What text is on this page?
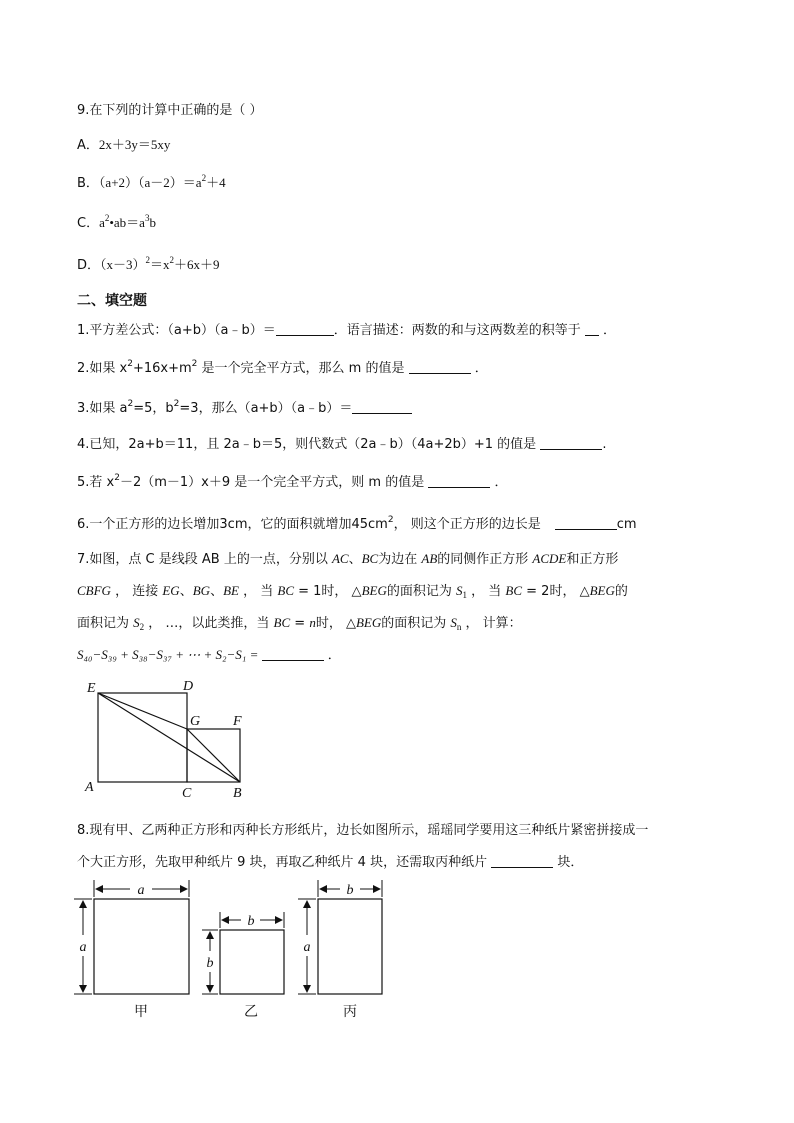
9.在下列的计算中正确的是（ ）
A．2x＋3y＝5xy
B．$(a+2)(a-2)=a^2+4$
C．$a^2•ab=a^3b$
D．$(x-3)^2=x^2+6x+9$
二、填空题
1.平方差公式：（a+b）（a﹣b）＝	．语言描述：两数的和与这两数差的积等于 ．
2.如果 $x^2+16x+m^2$ 是一个完全平方式，那么 m 的值是	．
3.如果 $a^2=5$，$b^2=3$，那么（a+b）（a﹣b）＝
4.已知，2a+b＝11，且 2a﹣b＝5，则代数式（2a﹣b）（4a+2b）+1 的值是	.
5.若 $x^2-2(m-1)x+9$ 是一个完全平方式，则 m 的值是	．
6.一个正方形的边长增加3cm，它的面积就增加$45cm^2$， 则这个正方形的边长是	cm
7.如图，点 C 是线段 AB 上的一点，分别以 AC、BC为边在 AB的同侧作正方形 ACDE和正方形
CBFG ， 连接 EG、BG、BE ， 当 BC = 1时， △BEG的面积记为 $S_1$ ， 当 BC = 2时， △BEG的
面积记为 $S_2$ ， …，以此类推，当 BC = n时， △BEG的面积记为 $S_n$ ， 计算：
S₄₀−S₃₉ + S₃₈−S₃₇ + ⋯ + S₂−S₁ =	．
E	D
G F
A	C	B
8.现有甲、乙两种正方形和丙种长方形纸片，边长如图所示，瑶瑶同学要用这三种纸片紧密拼接成一
个大正方形，先取甲种纸片 9 块，再取乙种纸片 4 块，还需取丙种纸片	块．
a
a
b
b
b
a
甲	乙	丙
